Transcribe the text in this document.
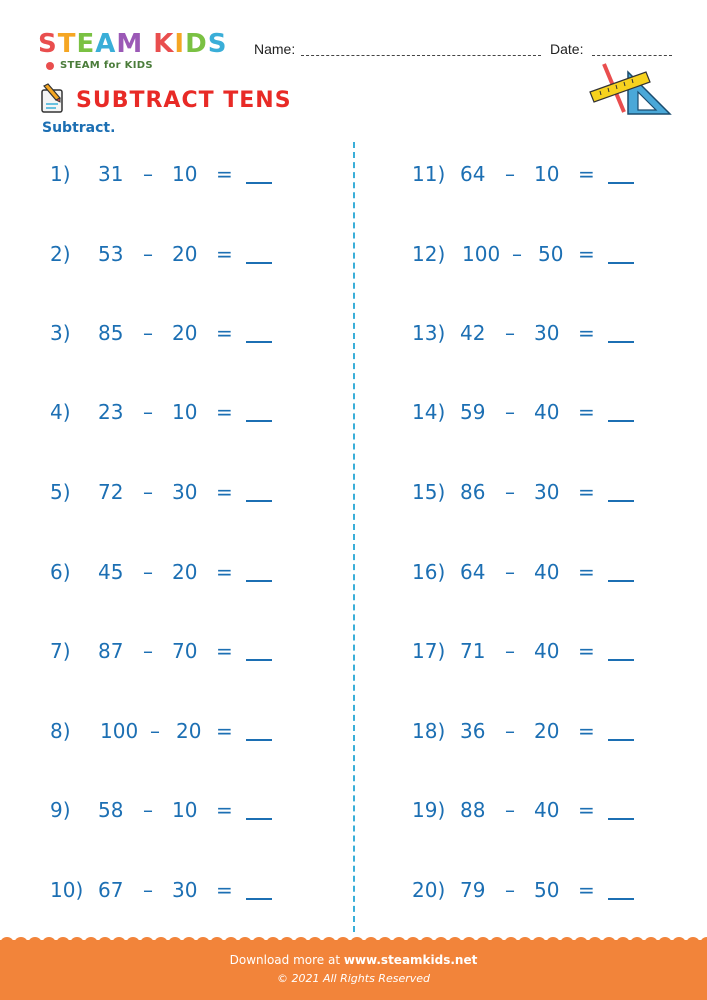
S T E A M K I D S
STEAM for KIDS
Name:	Date:
SUBTRACT TENS
Subtract.
1) 31 – 10 =
2) 53 – 20 =
3) 85 – 20 =
4) 23 – 10 =
5) 72 – 30 =
6) 45 – 20 =
7) 87 – 70 =
8) 100 – 20 =
9) 58 – 10 =
10) 67 – 30 =
11) 64 – 10 =
12) 100 – 50 =
13) 42 – 30 =
14) 59 – 40 =
15) 86 – 30 =
16) 64 – 40 =
17) 71 – 40 =
18) 36 – 20 =
19) 88 – 40 =
20) 79 – 50 =
Download more at www.steamkids.net
© 2021 All Rights Reserved
